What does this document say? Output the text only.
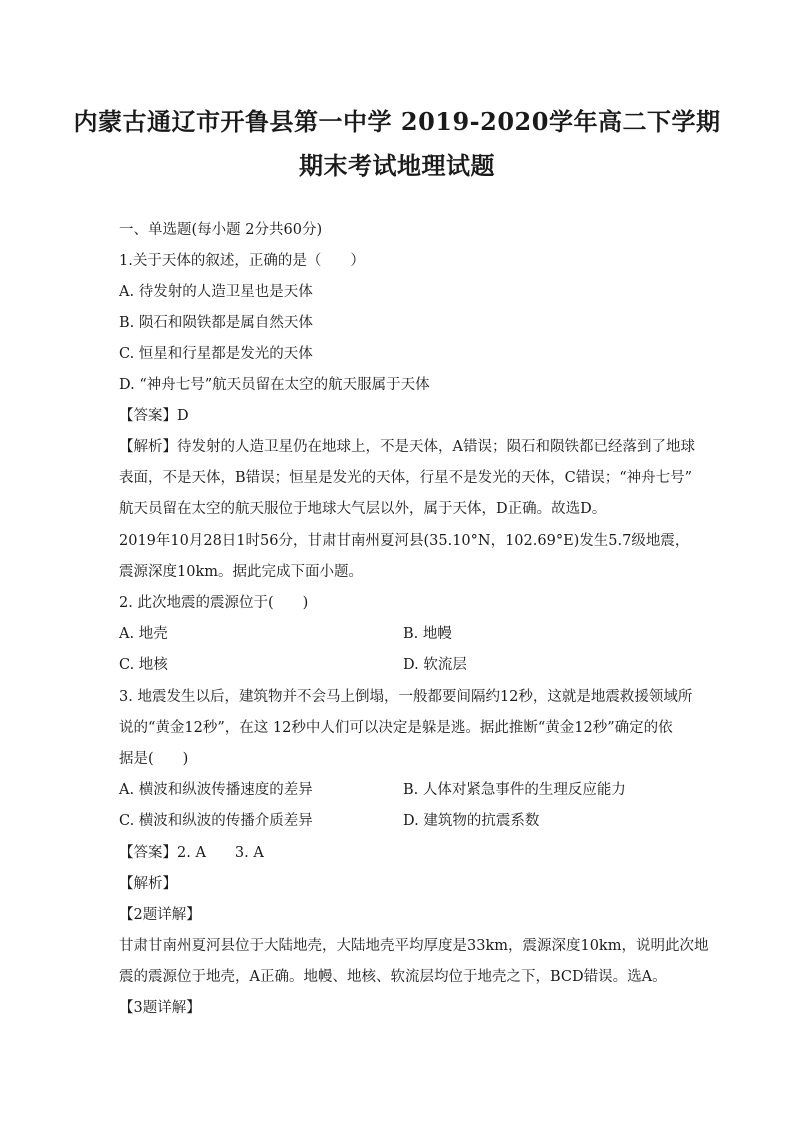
内蒙古通辽市开鲁县第一中学 2019-2020学年高二下学期
期末考试地理试题
一、单选题(每小题 2分共60分)
1.关于天体的叙述，正确的是（　　）
A. 待发射的人造卫星也是天体
B. 陨石和陨铁都是属自然天体
C. 恒星和行星都是发光的天体
D. “神舟七号”航天员留在太空的航天服属于天体
【答案】D
【解析】待发射的人造卫星仍在地球上，不是天体，A错误；陨石和陨铁都已经落到了地球
表面，不是天体，B错误；恒星是发光的天体，行星不是发光的天体，C错误；“神舟七号”
航天员留在太空的航天服位于地球大气层以外，属于天体，D正确。故选D。
2019年10月28日1时56分，甘肃甘南州夏河县(35.10°N，102.69°E)发生5.7级地震，
震源深度10km。据此完成下面小题。
2. 此次地震的震源位于(　　)
A. 地壳	B. 地幔
C. 地核	D. 软流层
3. 地震发生以后，建筑物并不会马上倒塌，一般都要间隔约12秒，这就是地震救援领域所
说的“黄金12秒”，在这 12秒中人们可以决定是躲是逃。据此推断“黄金12秒”确定的依
据是(　　)
A. 横波和纵波传播速度的差异	B. 人体对紧急事件的生理反应能力
C. 横波和纵波的传播介质差异	D. 建筑物的抗震系数
【答案】2. A　　3. A
【解析】
【2题详解】
甘肃甘南州夏河县位于大陆地壳，大陆地壳平均厚度是33km，震源深度10km，说明此次地
震的震源位于地壳，A正确。地幔、地核、软流层均位于地壳之下，BCD错误。选A。
【3题详解】
